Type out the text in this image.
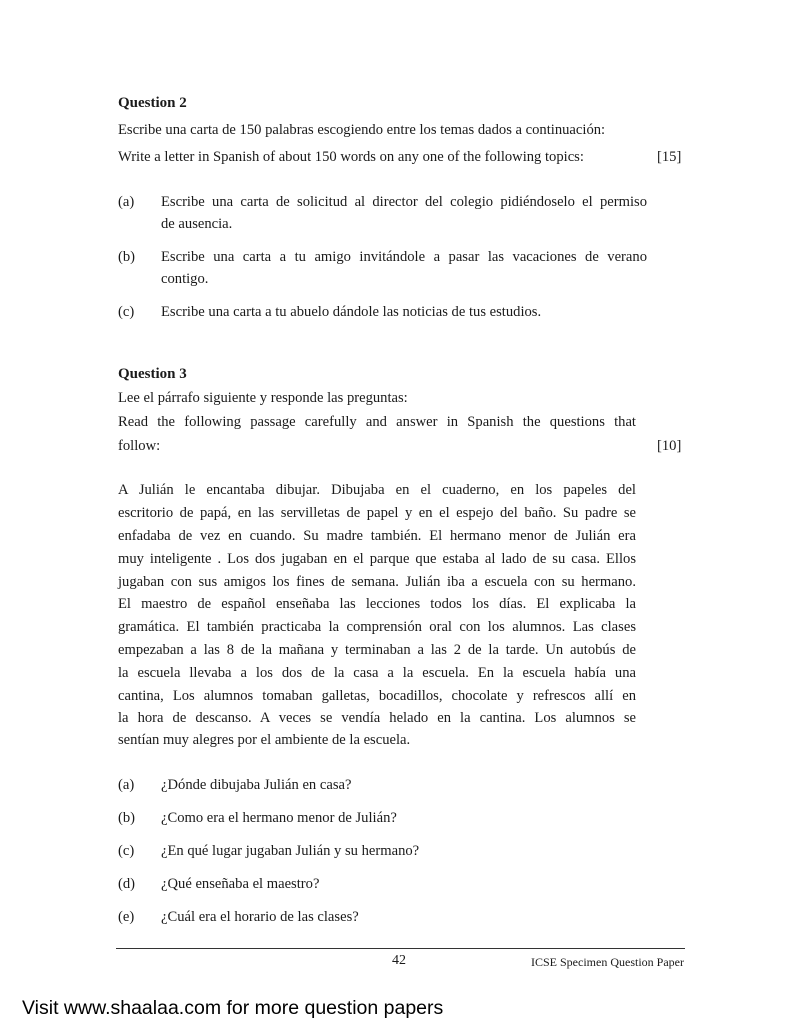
Question 2
Escribe una carta de 150 palabras escogiendo entre los temas dados a continuación:
Write a letter in Spanish of about 150 words on any one of the following topics:	[15]
(a) Escribe una carta de solicitud al director del colegio pidiéndoselo el permiso
de ausencia.
(b) Escribe una carta a tu amigo invitándole a pasar las vacaciones de verano
contigo.
(c) Escribe una carta a tu abuelo dándole las noticias de tus estudios.
Question 3
Lee el párrafo siguiente y responde las preguntas:
Read the following passage carefully and answer in Spanish the questions that
follow:	[10]
A Julián le encantaba dibujar. Dibujaba en el cuaderno, en los papeles del
escritorio de papá, en las servilletas de papel y en el espejo del baño. Su padre se
enfadaba de vez en cuando. Su madre también. El hermano menor de Julián era
muy inteligente . Los dos jugaban en el parque que estaba al lado de su casa. Ellos
jugaban con sus amigos los fines de semana. Julián iba a escuela con su hermano.
El maestro de español enseñaba las lecciones todos los días. El explicaba la
gramática. El también practicaba la comprensión oral con los alumnos. Las clases
empezaban a las 8 de la mañana y terminaban a las 2 de la tarde. Un autobús de
la escuela llevaba a los dos de la casa a la escuela. En la escuela había una
cantina, Los alumnos tomaban galletas, bocadillos, chocolate y refrescos allí en
la hora de descanso. A veces se vendía helado en la cantina. Los alumnos se
sentían muy alegres por el ambiente de la escuela.
(a) ¿Dónde dibujaba Julián en casa?
(b) ¿Como era el hermano menor de Julián?
(c) ¿En qué lugar jugaban Julián y su hermano?
(d) ¿Qué enseñaba el maestro?
(e) ¿Cuál era el horario de las clases?
42	ICSE Specimen Question Paper
Visit www.shaalaa.com for more question papers
